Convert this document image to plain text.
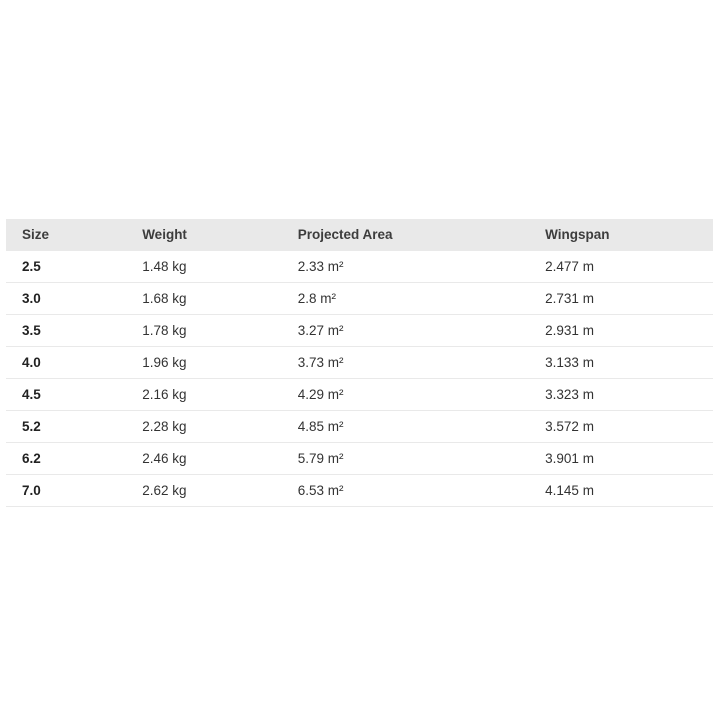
Size	Weight	Projected Area	Wingspan
2.5	1.48 kg	2.33 m²	2.477 m
3.0	1.68 kg	2.8 m²	2.731 m
3.5	1.78 kg	3.27 m²	2.931 m
4.0	1.96 kg	3.73 m²	3.133 m
4.5	2.16 kg	4.29 m²	3.323 m
5.2	2.28 kg	4.85 m²	3.572 m
6.2	2.46 kg	5.79 m²	3.901 m
7.0	2.62 kg	6.53 m²	4.145 m
